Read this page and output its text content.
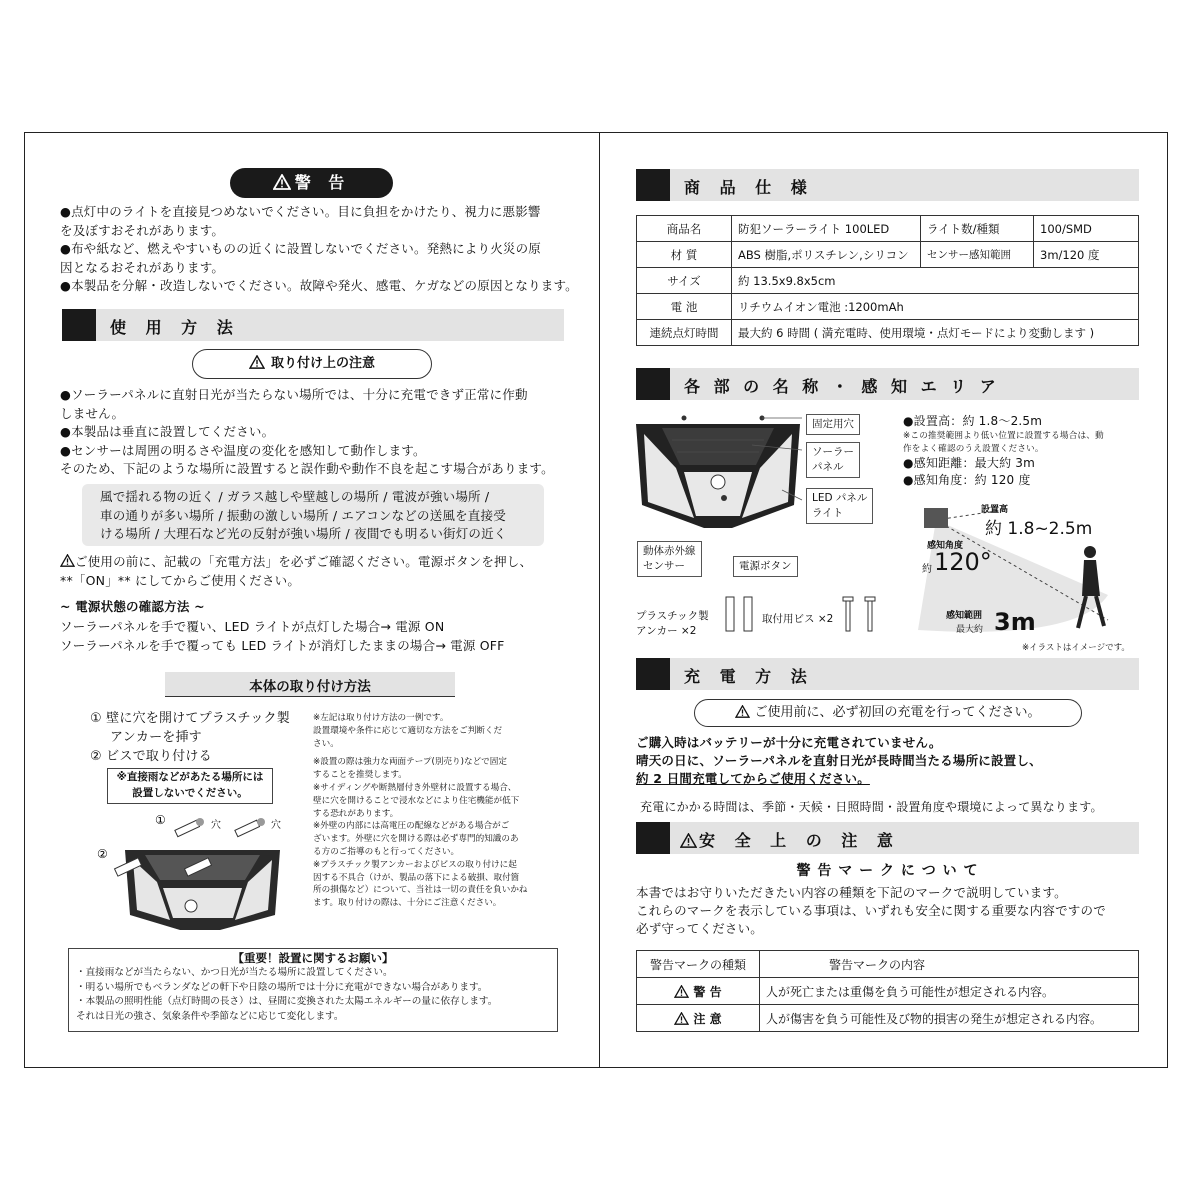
警 告
●点灯中のライトを直接見つめないでください。目に負担をかけたり、視力に悪影響
を及ぼすおそれがあります。
●布や紙など、燃えやすいものの近くに設置しないでください。発熱により火災の原
因となるおそれがあります。
●本製品を分解・改造しないでください。故障や発火、感電、ケガなどの原因となります。
使 用 方 法
取り付け上の注意
●ソーラーパネルに直射日光が当たらない場所では、十分に充電できず正常に作動
しません。
●本製品は垂直に設置してください。
●センサーは周囲の明るさや温度の変化を感知して動作します。
そのため、下記のような場所に設置すると誤作動や動作不良を起こす場合があります。
風で揺れる物の近く / ガラス越しや壁越しの場所 / 電波が強い場所 /
車の通りが多い場所 / 振動の激しい場所 / エアコンなどの送風を直接受
ける場所 / 大理石など光の反射が強い場所 / 夜間でも明るい街灯の近く
ご使用の前に、記載の「充電方法」を必ずご確認ください。電源ボタンを押し、
**「ON」** にしてからご使用ください。
~ 電源状態の確認方法 ~
ソーラーパネルを手で覆い、LED ライトが点灯した場合→ 電源 ON
ソーラーパネルを手で覆っても LED ライトが消灯したままの場合→ 電源 OFF
本体の取り付け方法
① 壁に穴を開けてプラスチック製
アンカーを挿す
② ビスで取り付ける
※直接雨などがあたる場所には
設置しないでください。
①
②
穴	穴
※左記は取り付け方法の一例です。
設置環境や条件に応じて適切な方法をご判断くだ
さい。
※設置の際は強力な両面テープ(別売り)などで固定
することを推奨します。
※サイディングや断熱層付き外壁材に設置する場合、
壁に穴を開けることで浸水などにより住宅機能が低下
する恐れがあります。
※外壁の内部には高電圧の配線などがある場合がご
ざいます。外壁に穴を開ける際は必ず専門的知識のあ
る方のご指導のもと行ってください。
※プラスチック製アンカーおよびビスの取り付けに起
因する不具合（けが、製品の落下による破損、取付箇
所の損傷など）について、当社は一切の責任を負いかね
ます。取り付けの際は、十分にご注意ください。
【重要！設置に関するお願い】
・直接雨などが当たらない、かつ日光が当たる場所に設置してください。
・明るい場所でもベランダなどの軒下や日陰の場所では十分に充電ができない場合があります。
・本製品の照明性能（点灯時間の長さ）は、昼間に変換された太陽エネルギーの量に依存します。
それは日光の強さ、気象条件や季節などに応じて変化します。
商 品 仕 様
商品名	防犯ソーラーライト 100LED	ライト数/種類	100/SMD
材 質	ABS 樹脂,ポリスチレン,シリコン	センサー感知範囲	3m/120 度
サイズ	約 13.5x9.8x5cm		
電 池	リチウムイオン電池 :1200mAh		
連続点灯時間	最大約 6 時間 ( 満充電時、使用環境・点灯モードにより変動します )		
各 部 の 名 称 ・ 感 知 エ リ ア
固定用穴
ソーラー
パネル
LED パネル
ライト
動体赤外線
センサー	電源ボタン
プラスチック製
アンカー ×2
取付用ビス ×2
●設置高：約 1.8～2.5m
※この推奨範囲より低い位置に設置する場合は、動
作をよく確認のうえ設置ください。
●感知距離：最大約 3m
●感知角度：約 120 度
設置高
約 1.8~2.5m
感知角度
約 120°
感知範囲
最大約 3m
※イラストはイメージです。
充 電 方 法
ご使用前に、必ず初回の充電を行ってください。
ご購入時はバッテリーが十分に充電されていません。
晴天の日に、ソーラーパネルを直射日光が長時間当たる場所に設置し、
約 2 日間充電してからご使用ください。
充電にかかる時間は、季節・天候・日照時間・設置角度や環境によって異なります。
安 全 上 の 注 意
警 告 マ ー ク に つ い て
本書ではお守りいただきたい内容の種類を下記のマークで説明しています。
これらのマークを表示している事項は、いずれも安全に関する重要な内容ですので
必ず守ってください。
警告マークの種類	警告マークの内容
警 告	人が死亡または重傷を負う可能性が想定される内容。
注 意	人が傷害を負う可能性及び物的損害の発生が想定される内容。
